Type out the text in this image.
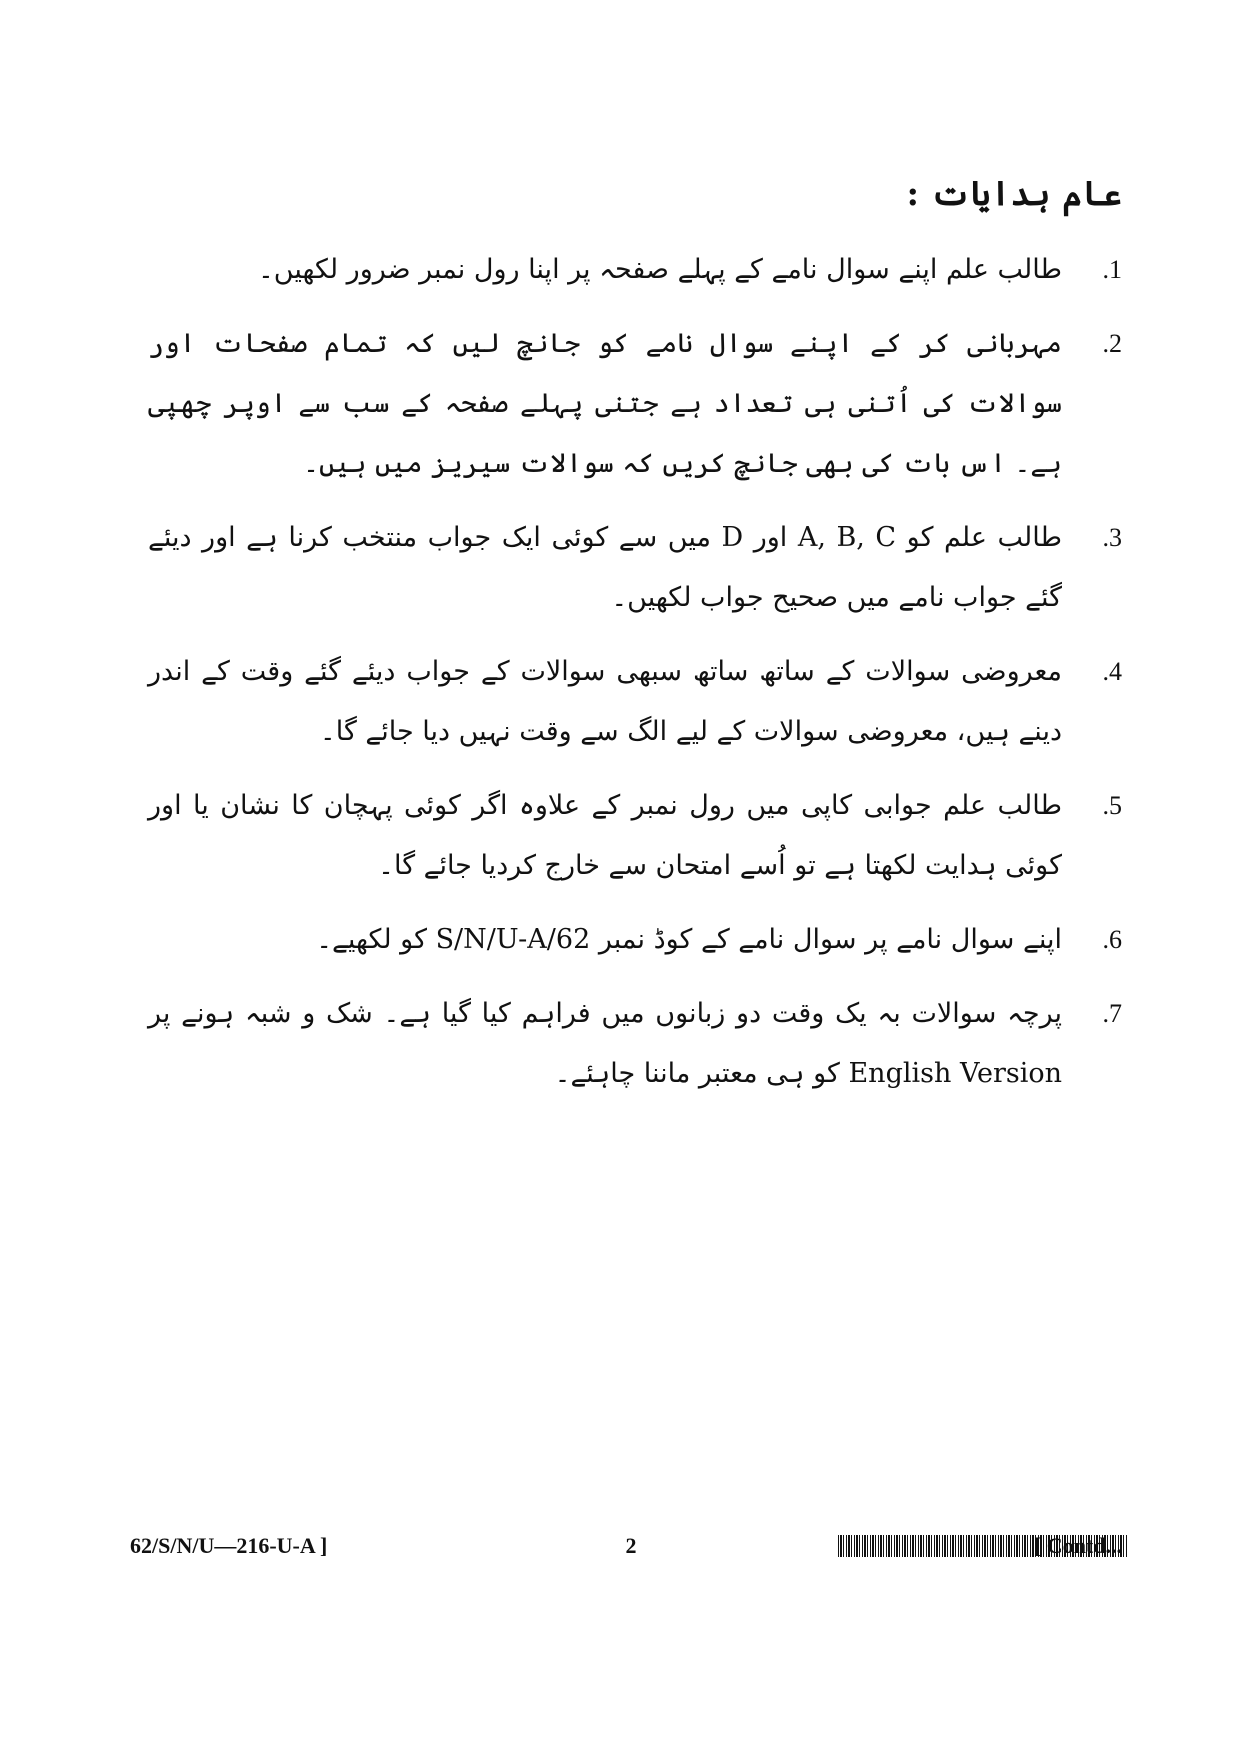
عام ہدایات :
.1
طالب علم اپنے سوال نامے کے پہلے صفحہ پر اپنا رول نمبر ضرور لکھیں۔
.2
مہربانی کر کے اپنے سوال نامے کو جانچ لیں کہ تمام صفحات اور سوالات کی اُتنی ہی تعداد ہے جتنی پہلے صفحہ کے سب سے اوپر چھپی ہے۔ اس بات کی بھی جانچ کریں کہ سوالات سیریز میں ہیں۔
.3
طالب علم کو A, B, C اور D میں سے کوئی ایک جواب منتخب کرنا ہے اور دیئے گئے جواب نامے میں صحیح جواب لکھیں۔
.4
معروضی سوالات کے ساتھ ساتھ سبھی سوالات کے جواب دیئے گئے وقت کے اندر دینے ہیں، معروضی سوالات کے لیے الگ سے وقت نہیں دیا جائے گا۔
.5
طالب علم جوابی کاپی میں رول نمبر کے علاوہ اگر کوئی پہچان کا نشان یا اور کوئی ہدایت لکھتا ہے تو اُسے امتحان سے خارج کردیا جائے گا۔
.6
اپنے سوال نامے پر سوال نامے کے کوڈ نمبر 62/S/N/U-A کو لکھیے۔
.7
پرچہ سوالات بہ یک وقت دو زبانوں میں فراہم کیا گیا ہے۔ شک و شبہ ہونے پر English Version کو ہی معتبر ماننا چاہئے۔
62/S/N/U—216-U-A ]	2	[ Contd...
